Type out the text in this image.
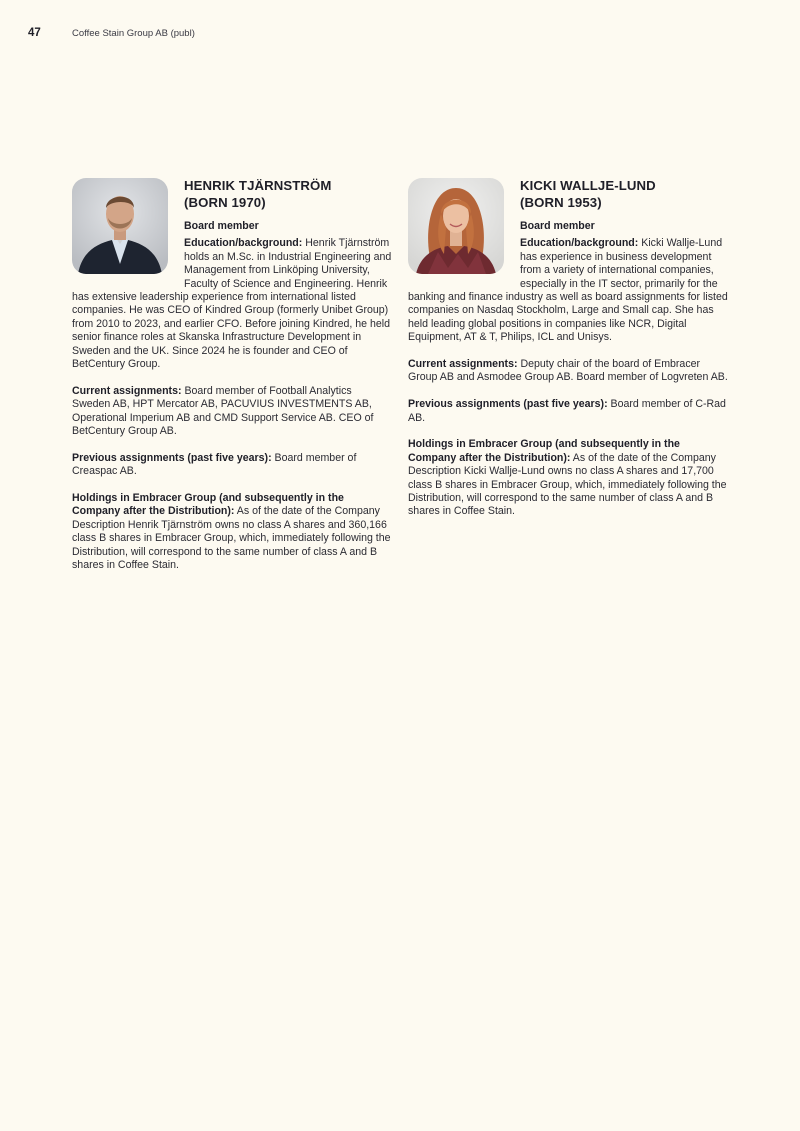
47	Coffee Stain Group AB (publ)
HENRIK TJÄRNSTRÖM
(BORN 1970)
Board member

Education/background: Henrik Tjärnström holds an M.Sc. in Industrial Engineering and Management from Linköping University, Faculty of Science and Engineering. Henrik has extensive leadership experience from international listed companies. He was CEO of Kindred Group (formerly Unibet Group) from 2010 to 2023, and earlier CFO. Before joining Kindred, he held senior finance roles at Skanska Infrastructure Development in Sweden and the UK. Since 2024 he is founder and CEO of BetCentury Group.

Current assignments: Board member of Football Analytics Sweden AB, HPT Mercator AB, PACUVIUS INVESTMENTS AB, Operational Imperium AB and CMD Support Service AB. CEO of BetCentury Group AB.

Previous assignments (past five years): Board member of Creaspac AB.

Holdings in Embracer Group (and subsequently in the Company after the Distribution): As of the date of the Company Description Henrik Tjärnström owns no class A shares and 360,166 class B shares in Embracer Group, which, immediately following the Distribution, will correspond to the same number of class A and B shares in Coffee Stain.

KICKI WALLJE-LUND
(BORN 1953)
Board member

Education/background: Kicki Wallje-Lund has experience in business development from a variety of international companies, especially in the IT sector, primarily for the banking and finance industry as well as board assignments for listed companies on Nasdaq Stockholm, Large and Small cap. She has held leading global positions in companies like NCR, Digital Equipment, AT & T, Philips, ICL and Unisys.

Current assignments: Deputy chair of the board of Embracer Group AB and Asmodee Group AB. Board member of Logvreten AB.

Previous assignments (past five years): Board member of C-Rad AB.

Holdings in Embracer Group (and subsequently in the Company after the Distribution): As of the date of the Company Description Kicki Wallje-Lund owns no class A shares and 17,700 class B shares in Embracer Group, which, immediately following the Distribution, will correspond to the same number of class A and B shares in Coffee Stain.
